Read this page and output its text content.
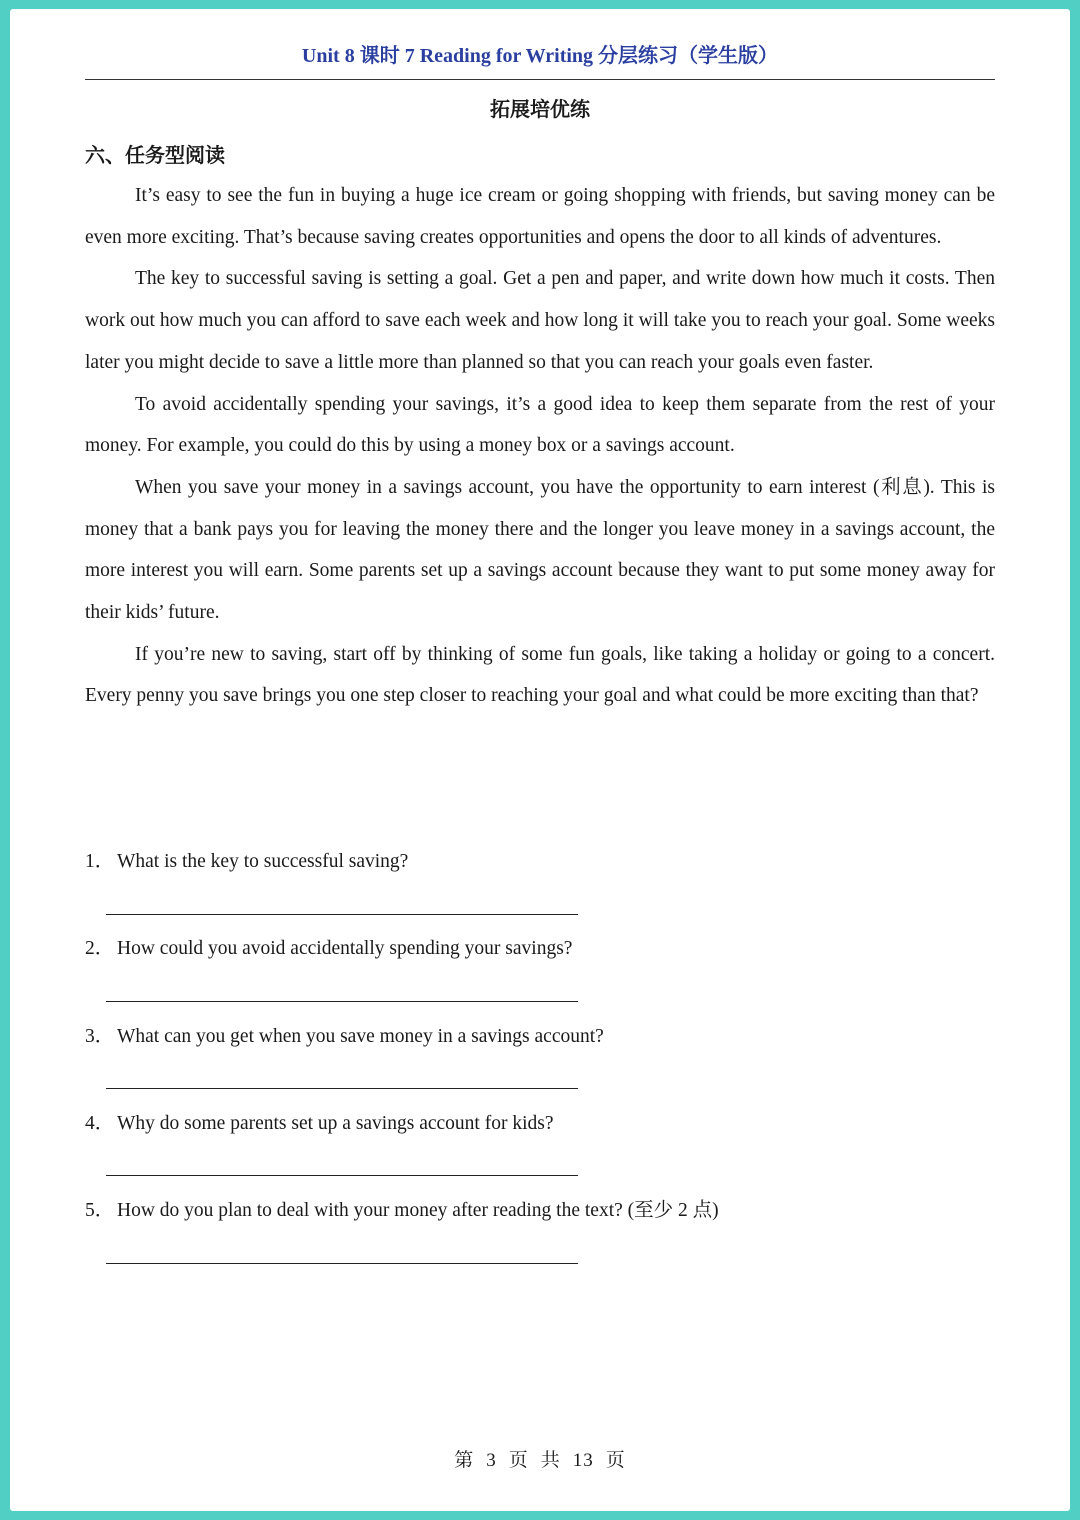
Unit 8 课时 7 Reading for Writing 分层练习（学生版）
拓展培优练
六、任务型阅读

It’s easy to see the fun in buying a huge ice cream or going shopping with friends, but saving money can be even more exciting. That’s because saving creates opportunities and opens the door to all kinds of adventures.

The key to successful saving is setting a goal. Get a pen and paper, and write down how much it costs. Then work out how much you can afford to save each week and how long it will take you to reach your goal. Some weeks later you might decide to save a little more than planned so that you can reach your goals even faster.

To avoid accidentally spending your savings, it’s a good idea to keep them separate from the rest of your money. For example, you could do this by using a money box or a savings account.

When you save your money in a savings account, you have the opportunity to earn interest (利息). This is money that a bank pays you for leaving the money there and the longer you leave money in a savings account, the more interest you will earn. Some parents set up a savings account because they want to put some money away for their kids’ future.

If you’re new to saving, start off by thinking of some fun goals, like taking a holiday or going to a concert. Every penny you save brings you one step closer to reaching your goal and what could be more exciting than that?

1． What is the key to successful saving?
2． How could you avoid accidentally spending your savings?
3． What can you get when you save money in a savings account?
4． Why do some parents set up a savings account for kids?
5． How do you plan to deal with your money after reading the text? (至少 2 点)
第 3 页 共 13 页
